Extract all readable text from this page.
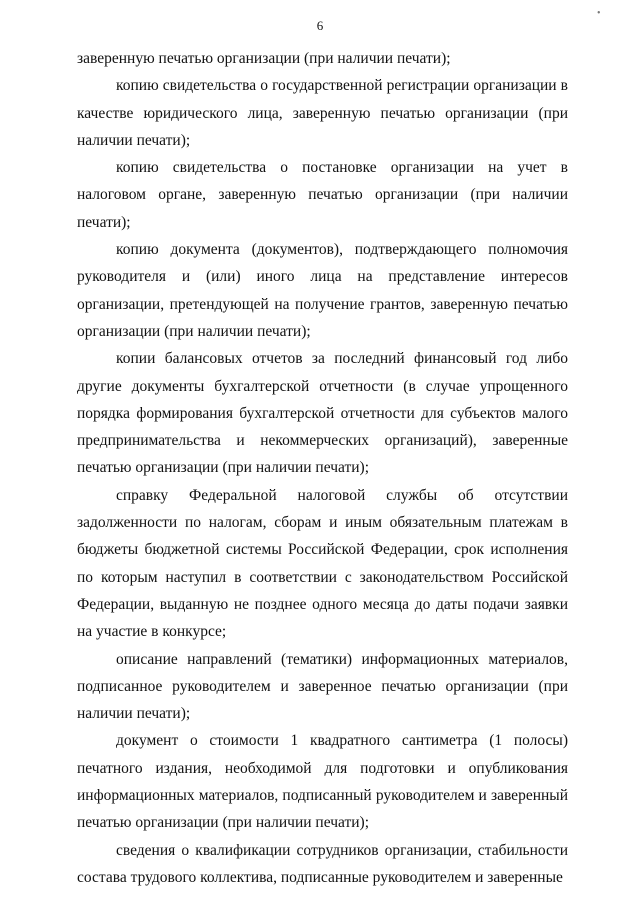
•
6

заверенную печатью организации (при наличии печати);

копию свидетельства о государственной регистрации организации в качестве юридического лица, заверенную печатью организации (при наличии печати);

копию свидетельства о постановке организации на учет в налоговом органе, заверенную печатью организации (при наличии печати);

копию документа (документов), подтверждающего полномочия руководителя и (или) иного лица на представление интересов организации, претендующей на получение грантов, заверенную печатью организации (при наличии печати);

копии балансовых отчетов за последний финансовый год либо другие документы бухгалтерской отчетности (в случае упрощенного порядка формирования бухгалтерской отчетности для субъектов малого предпринимательства и некоммерческих организаций), заверенные печатью организации (при наличии печати);

справку Федеральной налоговой службы об отсутствии задолженности по налогам, сборам и иным обязательным платежам в бюджеты бюджетной системы Российской Федерации, срок исполнения по которым наступил в соответствии с законодательством Российской Федерации, выданную не позднее одного месяца до даты подачи заявки на участие в конкурсе;

описание направлений (тематики) информационных материалов, подписанное руководителем и заверенное печатью организации (при наличии печати);

документ о стоимости 1 квадратного сантиметра (1 полосы) печатного издания, необходимой для подготовки и опубликования информационных материалов, подписанный руководителем и заверенный печатью организации (при наличии печати);

сведения о квалификации сотрудников организации, стабильности состава трудового коллектива, подписанные руководителем и заверенные
